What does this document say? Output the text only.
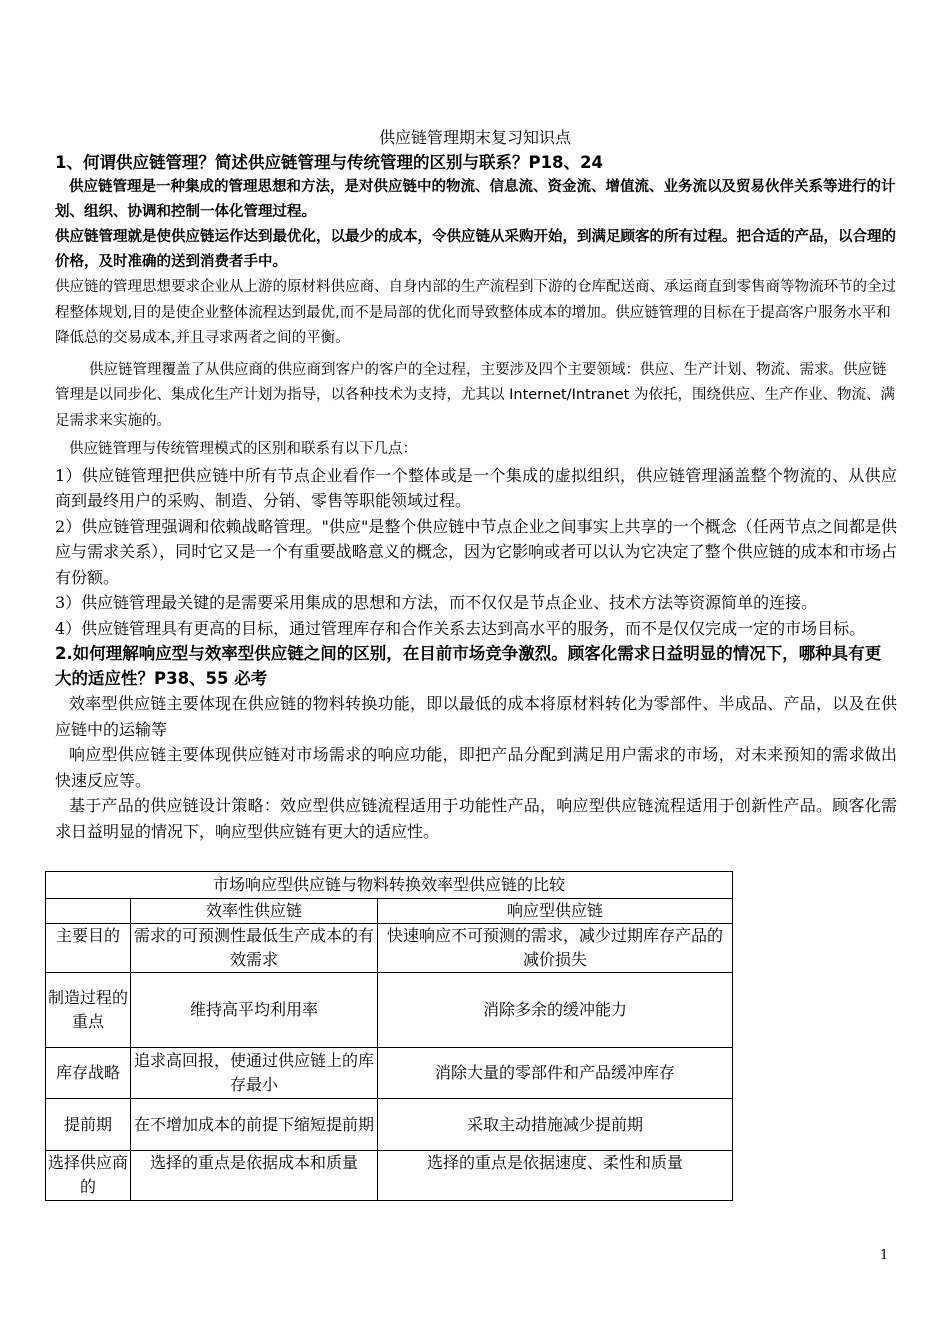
供应链管理期末复习知识点

1、何谓供应链管理？简述供应链管理与传统管理的区别与联系？P18、24

供应链管理是一种集成的管理思想和方法，是对供应链中的物流、信息流、资金流、增值流、业务流以及贸易伙伴关系等进行的计划、组织、协调和控制一体化管理过程。

供应链管理就是使供应链运作达到最优化，以最少的成本，令供应链从采购开始，到满足顾客的所有过程。把合适的产品，以合理的价格，及时准确的送到消费者手中。

供应链的管理思想要求企业从上游的原材料供应商、自身内部的生产流程到下游的仓库配送商、承运商直到零售商等物流环节的全过程整体规划,目的是使企业整体流程达到最优,而不是局部的优化而导致整体成本的增加。供应链管理的目标在于提高客户服务水平和降低总的交易成本,并且寻求两者之间的平衡。

供应链管理覆盖了从供应商的供应商到客户的客户的全过程，主要涉及四个主要领域：供应、生产计划、物流、需求。供应链管理是以同步化、集成化生产计划为指导，以各种技术为支持，尤其以 Internet/Intranet 为依托，围绕供应、生产作业、物流、满足需求来实施的。

供应链管理与传统管理模式的区别和联系有以下几点：

1）供应链管理把供应链中所有节点企业看作一个整体或是一个集成的虚拟组织，供应链管理涵盖整个物流的、从供应商到最终用户的采购、制造、分销、零售等职能领域过程。

2）供应链管理强调和依赖战略管理。"供应"是整个供应链中节点企业之间事实上共享的一个概念（任两节点之间都是供应与需求关系），同时它又是一个有重要战略意义的概念，因为它影响或者可以认为它决定了整个供应链的成本和市场占有份额。

3）供应链管理最关键的是需要采用集成的思想和方法，而不仅仅是节点企业、技术方法等资源简单的连接。

4）供应链管理具有更高的目标，通过管理库存和合作关系去达到高水平的服务，而不是仅仅完成一定的市场目标。

2.如何理解响应型与效率型供应链之间的区别，在目前市场竞争激烈。顾客化需求日益明显的情况下，哪种具有更大的适应性？P38、55 必考

效率型供应链主要体现在供应链的物料转换功能，即以最低的成本将原材料转化为零部件、半成品、产品，以及在供应链中的运输等

响应型供应链主要体现供应链对市场需求的响应功能，即把产品分配到满足用户需求的市场，对未来预知的需求做出快速反应等。

基于产品的供应链设计策略：效应型供应链流程适用于功能性产品，响应型供应链流程适用于创新性产品。顾客化需求日益明显的情况下，响应型供应链有更大的适应性。

市场响应型供应链与物料转换效率型供应链的比较		
	效率性供应链	响应型供应链
主要目的	需求的可预测性最低生产成本的有效需求	快速响应不可预测的需求，减少过期库存产品的减价损失
制造过程的重点	维持高平均利用率	消除多余的缓冲能力
库存战略	追求高回报，使通过供应链上的库存最小	消除大量的零部件和产品缓冲库存
提前期	在不增加成本的前提下缩短提前期	采取主动措施减少提前期
选择供应商的	选择的重点是依据成本和质量	选择的重点是依据速度、柔性和质量
1
